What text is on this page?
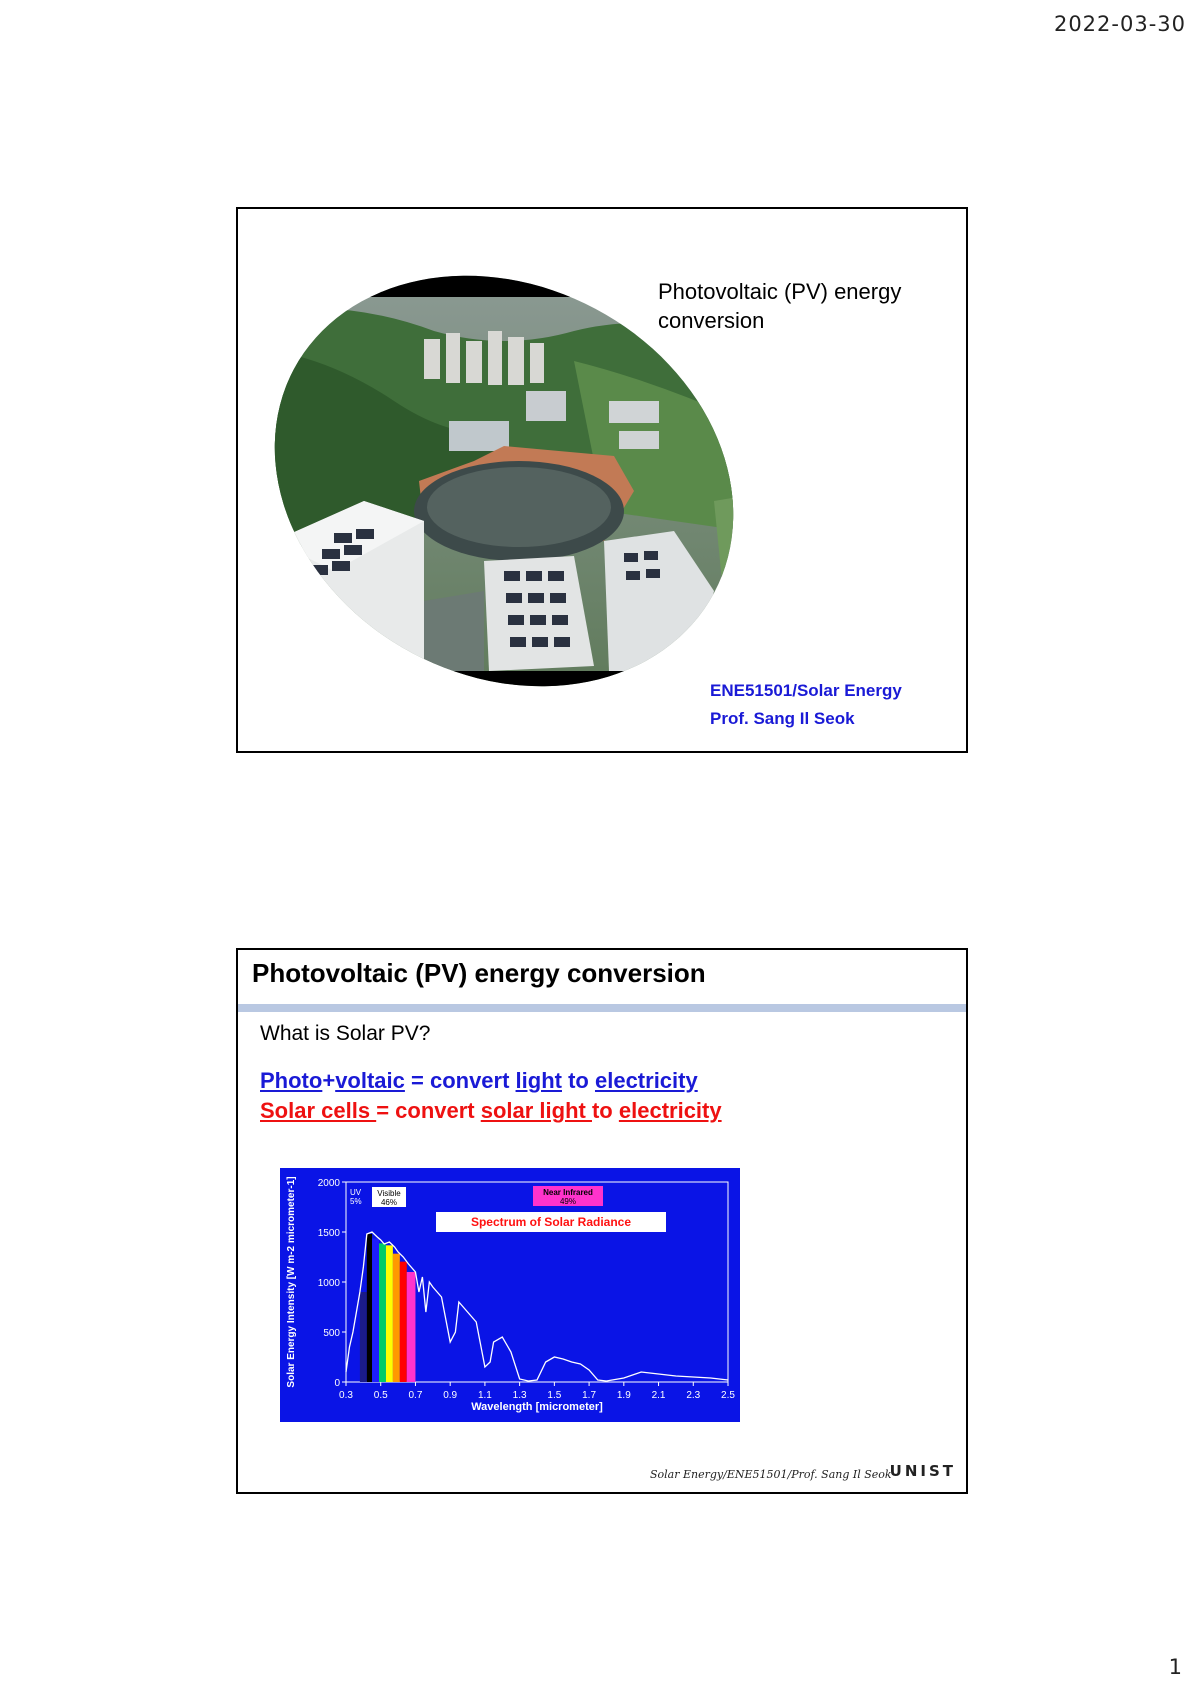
2022-03-30
Photovoltaic (PV) energy conversion
ENE51501/Solar Energy
Prof. Sang Il Seok
Photovoltaic (PV) energy conversion
What is Solar PV?
Photo+voltaic = convert light to electricity
Solar cells = convert solar light to electricity
0.3 0.5 0.7 0.9 1.1 1.3 1.5 1.7 1.9 2.1 2.3 2.5
0
500
1000
1500
2000
Wavelength [micrometer]
Solar Energy Intensity [W m-2 micrometer-1]	Spectrum of Solar Radiance
UV
5%
Visible
46%
Near Infrared
49%
Solar Energy/ENE51501/Prof. Sang Il Seok
UNIST
1
